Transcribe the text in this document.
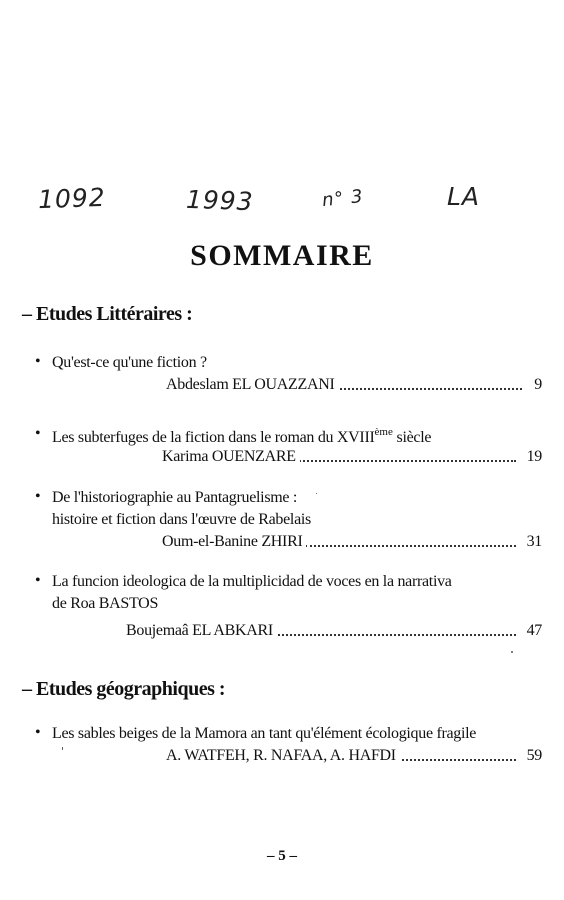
1092	1993	n° 3	LA
SOMMAIRE
– Etudes Littéraires :
• Qu'est-ce qu'une fiction ?
Abdeslam EL OUAZZANI	9
• Les subterfuges de la fiction dans le roman du XVIIIème siècle
Karima OUENZARE	19
• De l'historiographie au Pantagruelisme :
histoire et fiction dans l'œuvre de Rabelais
Oum-el-Banine ZHIRI	31
• La funcion ideologica de la multiplicidad de voces en la narrativa
de Roa BASTOS
Boujemaâ EL ABKARI	47
– Etudes géographiques :
• Les sables beiges de la Mamora an tant qu'élément écologique fragile
A. WATFEH, R. NAFAA, A. HAFDI	59
– 5 –
